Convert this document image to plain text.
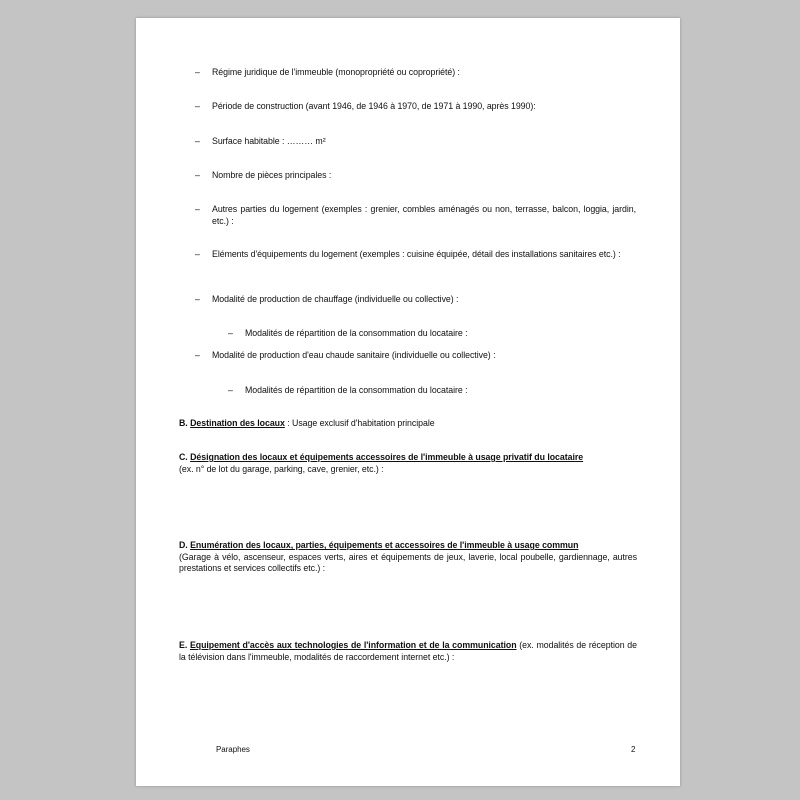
– Régime juridique de l'immeuble (monopropriété ou copropriété) :
– Période de construction (avant 1946, de 1946 à 1970, de 1971 à 1990, après 1990):
– Surface habitable : ……… m²
– Nombre de pièces principales :
– Autres parties du logement (exemples : grenier, combles aménagés ou non, terrasse, balcon, loggia, jardin, etc.) :
– Eléments d'équipements du logement (exemples : cuisine équipée, détail des installations sanitaires etc.) :
– Modalité de production de chauffage (individuelle ou collective) :
– Modalités de répartition de la consommation du locataire :
– Modalité de production d'eau chaude sanitaire (individuelle ou collective) :
– Modalités de répartition de la consommation du locataire :
B. Destination des locaux : Usage exclusif d'habitation principale
C. Désignation des locaux et équipements accessoires de l'immeuble à usage privatif du locataire
(ex. n° de lot du garage, parking, cave, grenier, etc.) :
D. Enumération des locaux, parties, équipements et accessoires de l'immeuble à usage commun
(Garage à vélo, ascenseur, espaces verts, aires et équipements de jeux, laverie, local poubelle, gardiennage, autres prestations et services collectifs etc.) :
E. Equipement d'accès aux technologies de l'information et de la communication (ex. modalités de réception de la télévision dans l'immeuble, modalités de raccordement internet etc.) :
Paraphes	2
